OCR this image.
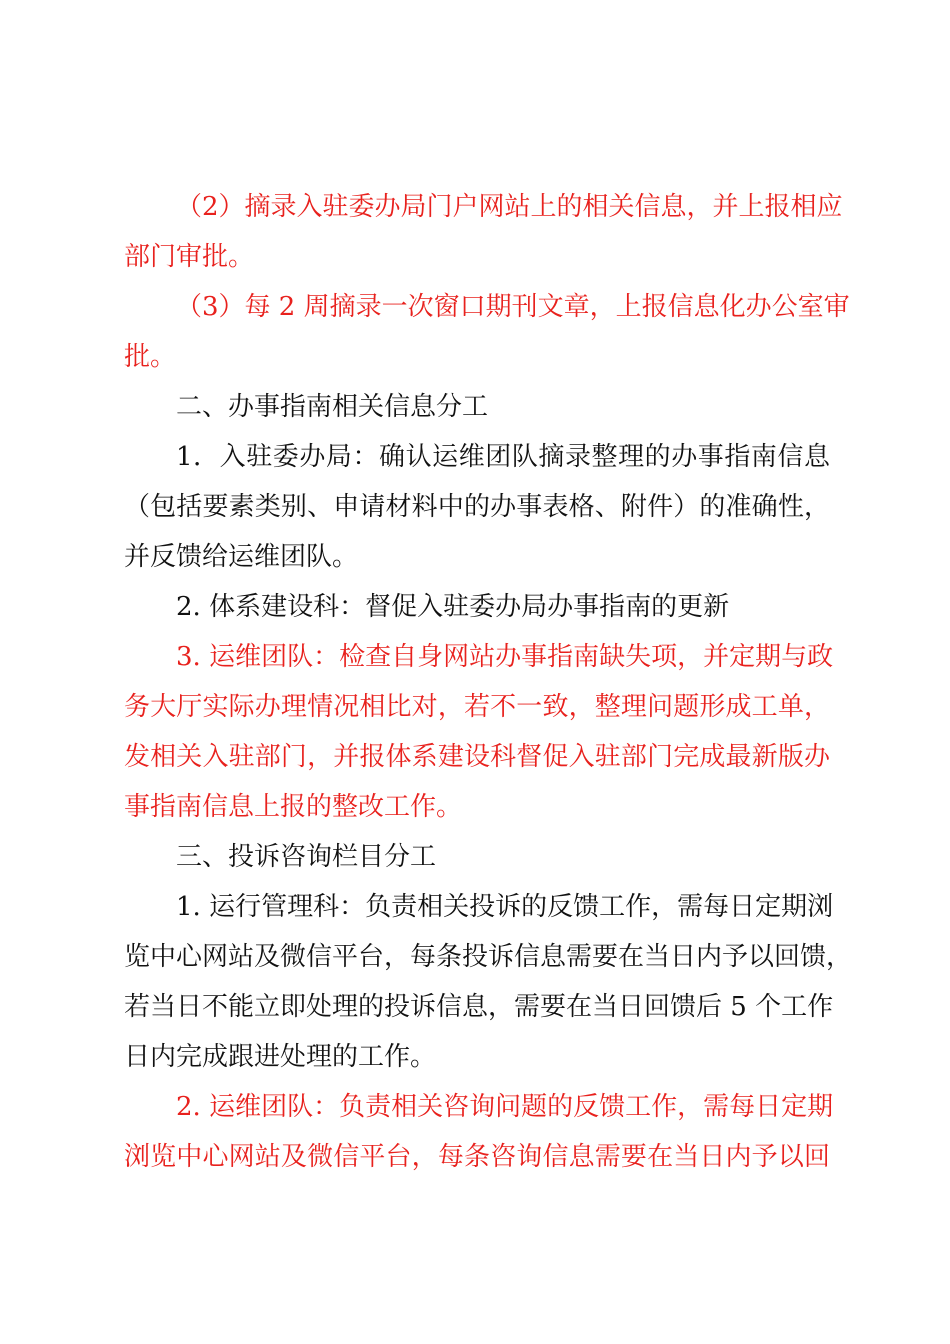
（2）摘录入驻委办局门户网站上的相关信息，并上报相应
部门审批。
（3）每 2 周摘录一次窗口期刊文章，上报信息化办公室审
批。
二、办事指南相关信息分工
1．入驻委办局：确认运维团队摘录整理的办事指南信息
（包括要素类别、申请材料中的办事表格、附件）的准确性，
并反馈给运维团队。
2. 体系建设科：督促入驻委办局办事指南的更新
3. 运维团队：检查自身网站办事指南缺失项，并定期与政
务大厅实际办理情况相比对，若不一致，整理问题形成工单，
发相关入驻部门，并报体系建设科督促入驻部门完成最新版办
事指南信息上报的整改工作。
三、投诉咨询栏目分工
1. 运行管理科：负责相关投诉的反馈工作，需每日定期浏
览中心网站及微信平台，每条投诉信息需要在当日内予以回馈，
若当日不能立即处理的投诉信息，需要在当日回馈后 5 个工作
日内完成跟进处理的工作。
2. 运维团队：负责相关咨询问题的反馈工作，需每日定期
浏览中心网站及微信平台，每条咨询信息需要在当日内予以回
